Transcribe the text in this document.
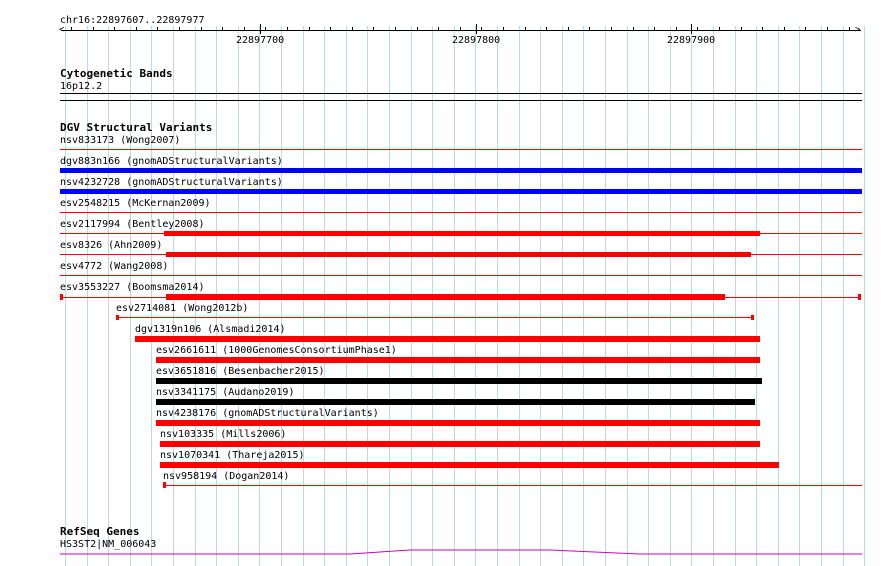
chr16:22897607..22897977
<	>
22897700	22897800	22897900
Cytogenetic Bands
16p12.2
DGV Structural Variants
nsv833173 (Wong2007)
dgv883n166 (gnomADStructuralVariants)
nsv4232728 (gnomADStructuralVariants)
esv2548215 (McKernan2009)
esv2117994 (Bentley2008)
esv8326 (Ahn2009)
esv4772 (Wang2008)
esv3553227 (Boomsma2014)
esv2714081 (Wong2012b)
dgv1319n106 (Alsmadi2014)
esv2661611 (1000GenomesConsortiumPhase1)
esv3651816 (Besenbacher2015)
nsv3341175 (Audano2019)
nsv4238176 (gnomADStructuralVariants)
nsv103335 (Mills2006)
nsv1070341 (Thareja2015)
nsv958194 (Dogan2014)
RefSeq Genes
HS3ST2|NM_006043
